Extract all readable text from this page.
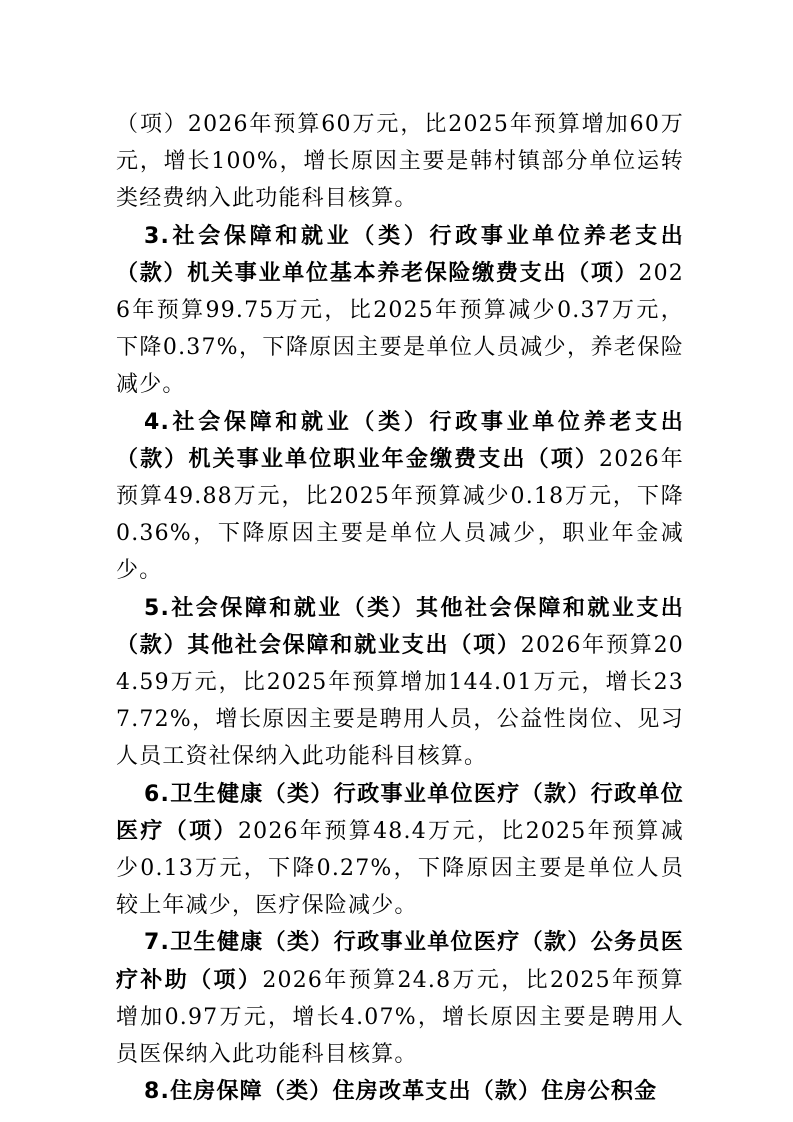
（项）2026年预算60万元，比2025年预算增加60万元，增长100%，增长原因主要是韩村镇部分单位运转类经费纳入此功能科目核算。

3.社会保障和就业（类）行政事业单位养老支出（款）机关事业单位基本养老保险缴费支出（项）2026年预算99.75万元，比2025年预算减少0.37万元，下降0.37%，下降原因主要是单位人员减少，养老保险减少。

4.社会保障和就业（类）行政事业单位养老支出（款）机关事业单位职业年金缴费支出（项）2026年预算49.88万元，比2025年预算减少0.18万元，下降0.36%，下降原因主要是单位人员减少，职业年金减少。

5.社会保障和就业（类）其他社会保障和就业支出（款）其他社会保障和就业支出（项）2026年预算204.59万元，比2025年预算增加144.01万元，增长237.72%，增长原因主要是聘用人员，公益性岗位、见习人员工资社保纳入此功能科目核算。

6.卫生健康（类）行政事业单位医疗（款）行政单位医疗（项）2026年预算48.4万元，比2025年预算减少0.13万元，下降0.27%，下降原因主要是单位人员较上年减少，医疗保险减少。

7.卫生健康（类）行政事业单位医疗（款）公务员医疗补助（项）2026年预算24.8万元，比2025年预算增加0.97万元，增长4.07%，增长原因主要是聘用人员医保纳入此功能科目核算。

8.住房保障（类）住房改革支出（款）住房公积金
